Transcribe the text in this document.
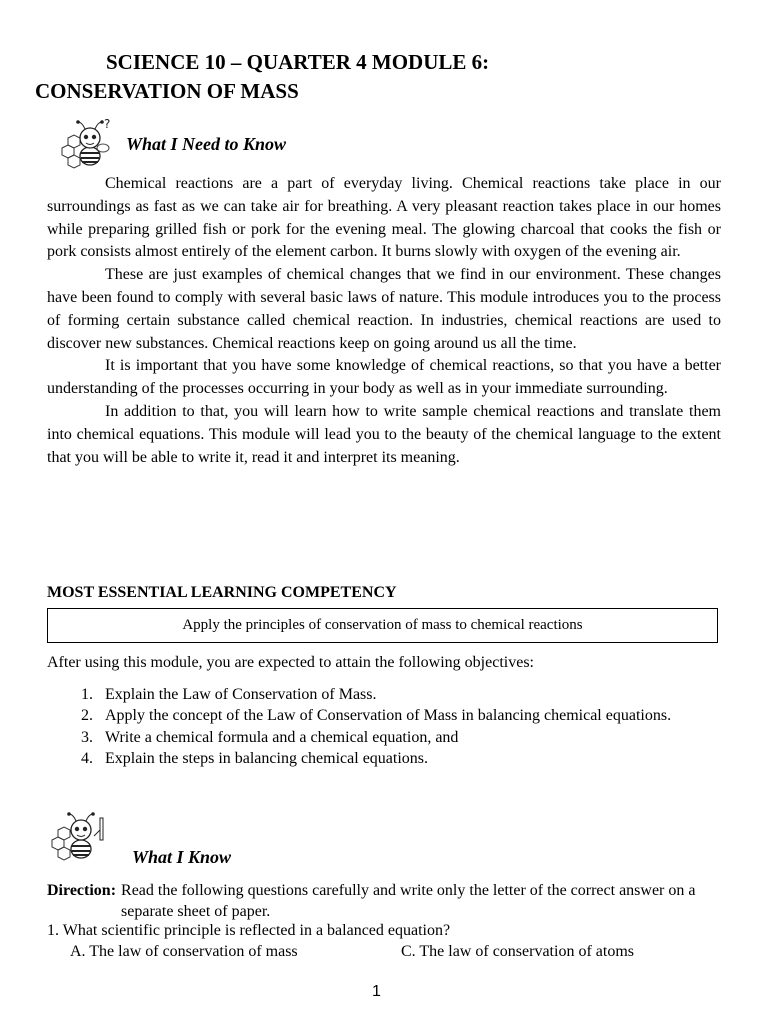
SCIENCE 10 – QUARTER 4 MODULE 6:
CONSERVATION OF MASS
?
What I Need to Know

Chemical reactions are a part of everyday living. Chemical reactions take place in our surroundings as fast as we can take air for breathing. A very pleasant reaction takes place in our homes while preparing grilled fish or pork for the evening meal. The glowing charcoal that cooks the fish or pork consists almost entirely of the element carbon. It burns slowly with oxygen of the evening air.

These are just examples of chemical changes that we find in our environment. These changes have been found to comply with several basic laws of nature. This module introduces you to the process of forming certain substance called chemical reaction. In industries, chemical reactions are used to discover new substances. Chemical reactions keep on going around us all the time.

It is important that you have some knowledge of chemical reactions, so that you have a better understanding of the processes occurring in your body as well as in your immediate surrounding.

In addition to that, you will learn how to write sample chemical reactions and translate them into chemical equations. This module will lead you to the beauty of the chemical language to the extent that you will be able to write it, read it and interpret its meaning.

MOST ESSENTIAL LEARNING COMPETENCY
Apply the principles of conservation of mass to chemical reactions
After using this module, you are expected to attain the following objectives:
1. Explain the Law of Conservation of Mass.
2. Apply the concept of the Law of Conservation of Mass in balancing chemical equations.
3. Write a chemical formula and a chemical equation, and
4. Explain the steps in balancing chemical equations.
What I Know
Direction: Read the following questions carefully and write only the letter of the correct answer on a separate sheet of paper.
1. What scientific principle is reflected in a balanced equation?
A. The law of conservation of mass	C. The law of conservation of atoms
1
